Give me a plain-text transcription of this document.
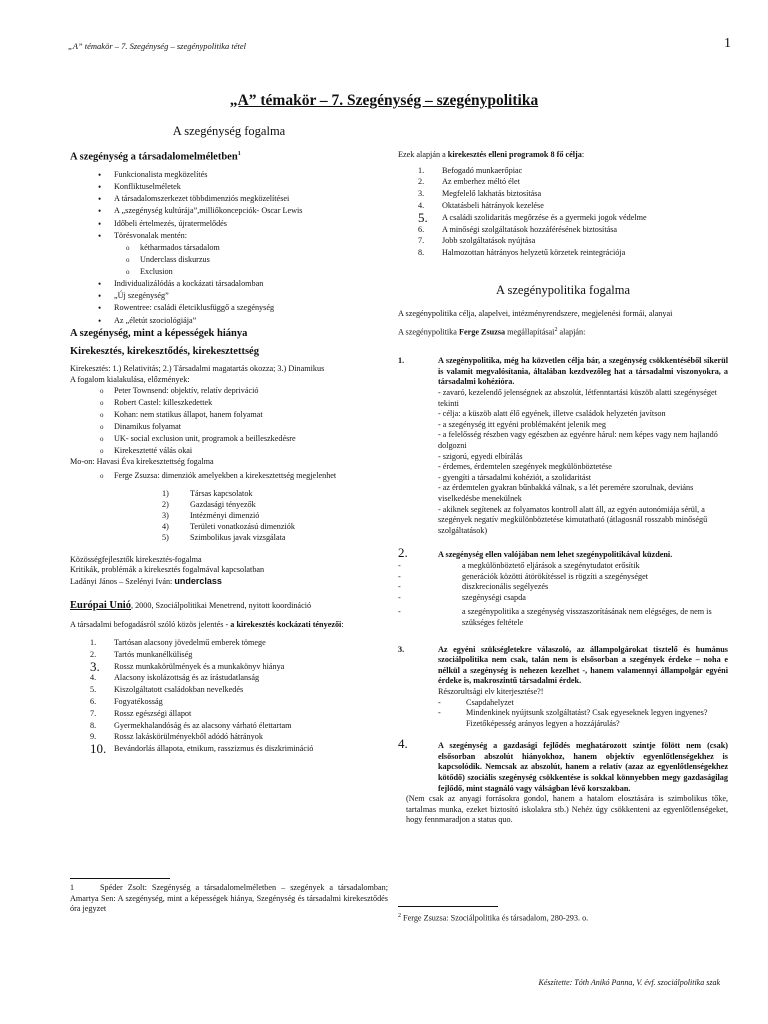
„A” témakör – 7. Szegénység – szegénypolitika tétel	1
„A” témakör – 7. Szegénység – szegénypolitika
A szegénység fogalma
A szegénység a társadalomelméletben$^1$
• Funkcionalista megközelítés
• Konfliktuselméletek
• A társadalomszerkezet többdimenziós megközelítései
• A „szegénység kultúrája”,milliőkoncepciók- Oscar Lewis
• Időbeli értelmezés, újratermelődés
• Törésvonalak mentén:
o kétharmados társadalom
o Underclass diskurzus
o Exclusion
• Individualizálódás a kockázati társadalomban
• „Új szegénység”
• Rowentree: családi életciklusfüggő a szegénység
• Az „életút szociológiája”
A szegénység, mint a képességek hiánya
Kirekesztés, kirekesztődés, kirekesztettség

Kirekesztés: 1.) Relativitás; 2.) Társadalmi magatartás okozza; 3.) Dinamikus

A fogalom kialakulása, előzmények:

o Peter Townsend: objektív, relatív depriváció
o Robert Castel: killeszkedettek
o Kohan: nem statikus állapot, hanem folyamat
o Dinamikus folyamat
o UK- social exclusion unit, programok a beilleszkedésre
o Kirekesztetté válás okai

Mo-on: Havasi Éva kirekesztettség fogalma

o Ferge Zsuzsa: dimenziók amelyekben a kirekesztettség megjelenhet
1)	Társas kapcsolatok
2)	Gazdasági tényezők
3)	Intézményi dimenzió
4)	Területi vonatkozású dimenziók
5)	Szimbolikus javak vizsgálata

Közösségfejlesztők kirekesztés-fogalma

Kritikák, problémák a kirekesztés fogalmával kapcsolatban

Ladányi János – Szelényi Iván: underclass

Európai Unió, 2000, Szociálpolitikai Menetrend, nyitott koordináció

A társadalmi befogadásról szóló közös jelentés - a kirekesztés kockázati tényezői:

1. Tartósan alacsony jövedelmű emberek tömege
2. Tartós munkanélküliség
3. Rossz munkakörülmények és a munkakönyv hiánya
4. Alacsony iskolázottság és az írástudatlanság
5. Kiszolgáltatott családokban nevelkedés
6. Fogyatékosság
7. Rossz egészségi állapot
8. Gyermekhalandóság és az alacsony várható élettartam
9. Rossz lakáskörülményekből adódó hátrányok
10. Bevándorlás állapota, etnikum, rasszizmus és diszkrimináció

1	Spéder Zsolt: Szegénység a társadalomelméletben – szegények a társadalomban; Amartya Sen: A szegénység, mint a képességek hiánya, Szegénység és társadalmi kirekesztődés óra jegyzet

Ezek alapján a kirekesztés elleni programok 8 fő célja:

1. Befogadó munkaerőpiac
2. Az emberhez méltó élet
3. Megfelelő lakhatás biztosítása
4. Oktatásbeli hátrányok kezelése
5. A családi szolidaritás megőrzése és a gyermeki jogok védelme
6. A minőségi szolgáltatások hozzáférésének biztosítása
7. Jobb szolgáltatások nyújtása
8. Halmozottan hátrányos helyzetű körzetek reintegrációja
A szegénypolitika fogalma

A szegénypolitika célja, alapelvei, intézményrendszere, megjelenési formái, alanyai

A szegénypolitika Ferge Zsuzsa megállapításai$^2$ alapján:

1.	A szegénypolitika, még ha közvetlen célja bár, a szegénység csökkentéséből sikerül is valamit megvalósítania, általában kezdvezőleg hat a társadalmi viszonyokra, a társadalmi kohézióra.

- zavaró, kezelendő jelenségnek az abszolút, létfenntartási küszöb alatti szegénységet tekinti

- célja: a küszöb alatt élő egyének, illetve családok helyzetén javítson

- a szegénység itt egyéni problémaként jelenik meg

- a felelősség részben vagy egészben az egyénre hárul: nem képes vagy nem hajlandó dolgozni

- szigorú, egyedi elbírálás

- érdemes, érdemtelen szegények megkülönböztetése

- gyengíti a társadalmi kohéziót, a szolidaritást

- az érdemtelen gyakran bűnbakká válnak, s a lét peremére szorulnak, deviáns viselkedésbe menekülnek

- akiknek segítenek az folyamatos kontroll alatt áll, az egyén autonómiája sérül, a szegények negatív megkülönböztetése kimutatható (átlagosnál rosszabb minőségű szolgáltatások)

2.	A szegénység ellen valójában nem lehet szegénypolitikával küzdeni.

- a megkülönböztető eljárások a szegénytudatot erősítik

- generációk közötti átörökítéssel is rögzíti a szegénységet

- diszkrecionális segélyezés

- szegénységi csapda

- a szegénypolitika a szegénység visszaszorításának nem elégséges, de nem is szükséges feltétele

3.	Az egyéni szükségletekre válaszoló, az állampolgárokat tisztelő és humánus szociálpolitika nem csak, talán nem is elsősorban a szegények érdeke – noha e nélkül a szegénység is nehezen kezelhet -, hanem valamennyi állampolgár egyéni érdeke is, makroszintű társadalmi érdek.

Részorultsági elv kiterjesztése?!

- Csapdahelyzet

- Mindenkinek nyújtsunk szolgáltatást? Csak egyeseknek legyen ingyenes? Fizetőképesség arányos legyen a hozzájárulás?

4.	A szegénység a gazdasági fejlődés meghatározott szintje fölött nem (csak) elsősorban abszolút hiányokhoz, hanem objektív egyenlőtlenségekhez is kapcsolódik. Nemcsak az abszolút, hanem a relatív (azaz az egyenlőtlenségekhez kötődő) szociális szegénység csökkentése is sokkal könnyebben megy gazdaságilag fejlődő, mint stagnáló vagy válságban lévő korszakban.

(Nem csak az anyagi forrásokra gondol, hanem a hatalom elosztására is szimbolikus tőke, tartalmas munka, ezeket biztosító iskolakra stb.) Nehéz úgy csökkenteni az egyenlőtlenségeket, hogy fennmaradjon a status quo.

$^2$ Ferge Zsuzsa: Szociálpolitika és társadalom, 280-293. o.

Készítette: Tóth Anikó Panna, V. évf. szociálpolitika szak
